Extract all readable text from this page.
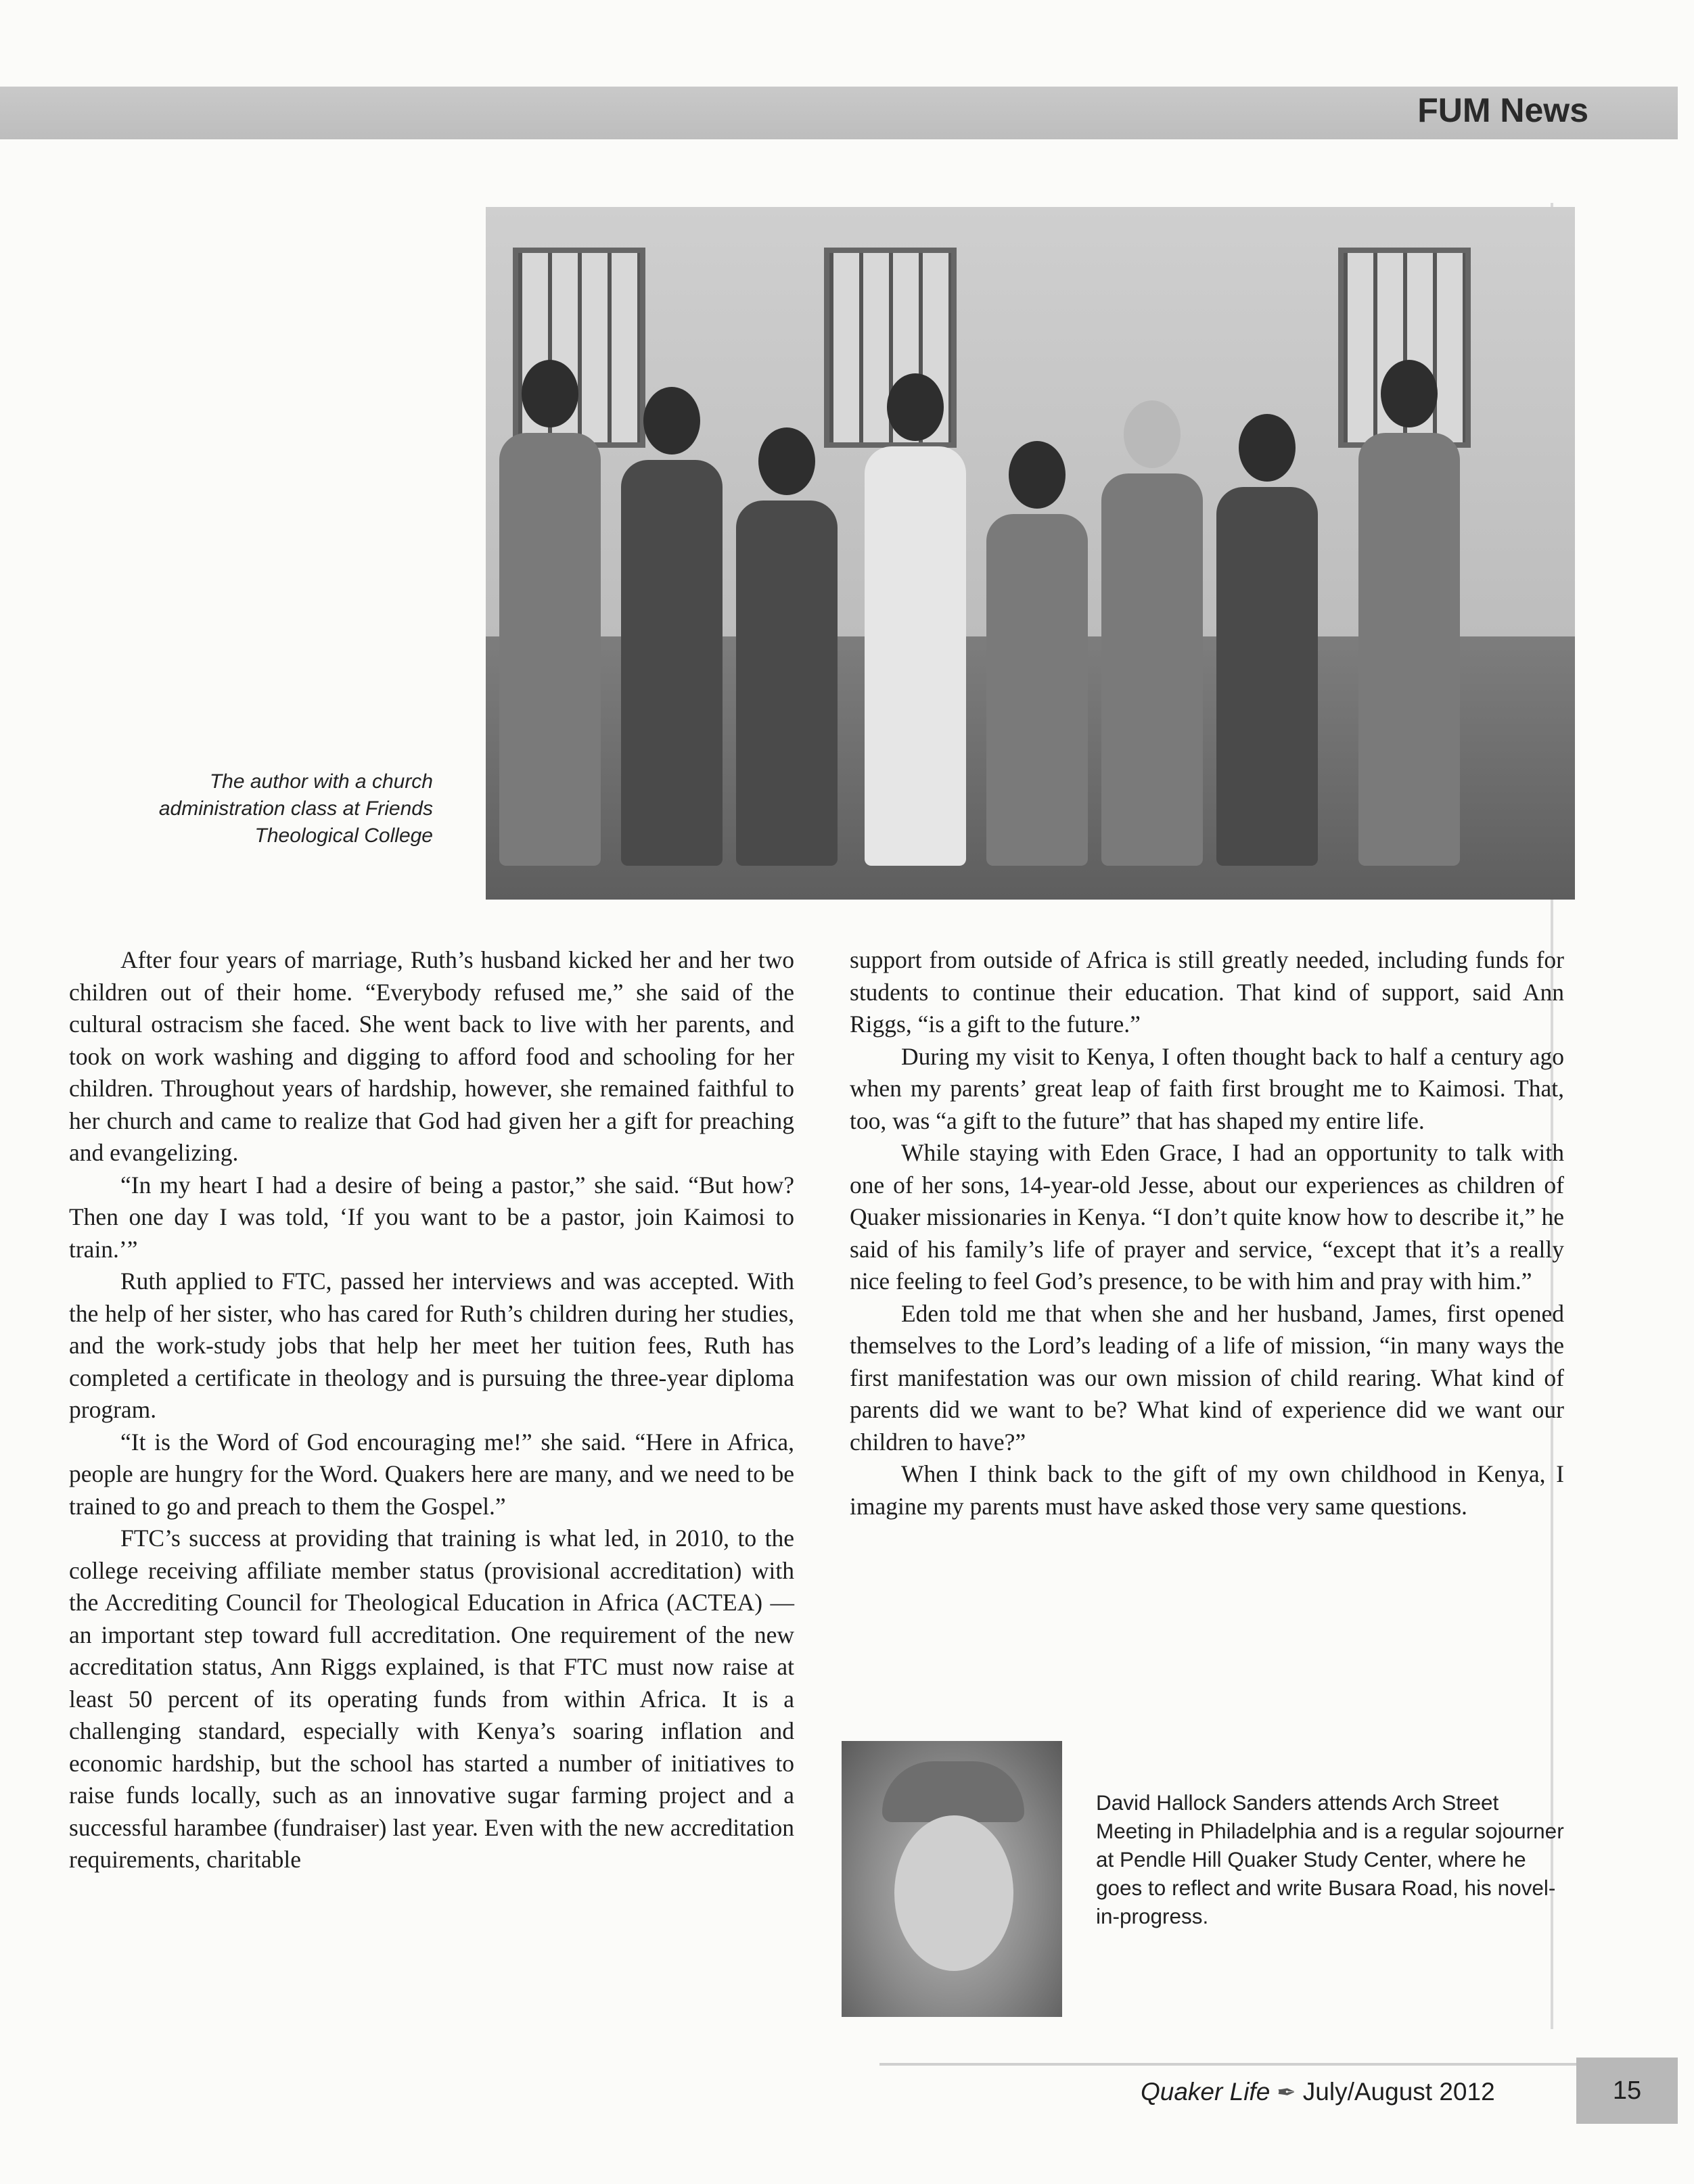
FUM News
The author with a church administration class at Friends Theological College

After four years of marriage, Ruth’s husband kicked her and her two children out of their home. “Everybody refused me,” she said of the cultural ostracism she faced. She went back to live with her parents, and took on work washing and digging to afford food and schooling for her children. Throughout years of hardship, however, she remained faithful to her church and came to realize that God had given her a gift for preaching and evangelizing.

“In my heart I had a desire of being a pastor,” she said. “But how? Then one day I was told, ‘If you want to be a pastor, join Kaimosi to train.’”

Ruth applied to FTC, passed her interviews and was accepted. With the help of her sister, who has cared for Ruth’s children during her studies, and the work-study jobs that help her meet her tuition fees, Ruth has completed a certificate in theology and is pursuing the three-year diploma program.

“It is the Word of God encouraging me!” she said. “Here in Africa, people are hungry for the Word. Quakers here are many, and we need to be trained to go and preach to them the Gospel.”

FTC’s success at providing that training is what led, in 2010, to the college receiving affiliate member status (provisional accreditation) with the Accrediting Council for Theological Education in Africa (ACTEA) — an important step toward full accreditation. One requirement of the new accreditation status, Ann Riggs explained, is that FTC must now raise at least 50 percent of its operating funds from within Africa. It is a challenging standard, especially with Kenya’s soaring inflation and economic hardship, but the school has started a number of initiatives to raise funds locally, such as an innovative sugar farming project and a successful harambee (fundraiser) last year. Even with the new accreditation requirements, charitable

support from outside of Africa is still greatly needed, including funds for students to continue their education. That kind of support, said Ann Riggs, “is a gift to the future.”

During my visit to Kenya, I often thought back to half a century ago when my parents’ great leap of faith first brought me to Kaimosi. That, too, was “a gift to the future” that has shaped my entire life.

While staying with Eden Grace, I had an opportunity to talk with one of her sons, 14-year-old Jesse, about our experiences as children of Quaker missionaries in Kenya. “I don’t quite know how to describe it,” he said of his family’s life of prayer and service, “except that it’s a really nice feeling to feel God’s presence, to be with him and pray with him.”

Eden told me that when she and her husband, James, first opened themselves to the Lord’s leading of a life of mission, “in many ways the first manifestation was our own mission of child rearing. What kind of parents did we want to be? What kind of experience did we want our children to have?”

When I think back to the gift of my own childhood in Kenya, I imagine my parents must have asked those very same questions.

David Hallock Sanders attends Arch Street Meeting in Philadelphia and is a regular sojourner at Pendle Hill Quaker Study Center, where he goes to reflect and write Busara Road, his novel-in-progress.
Quaker Life ✒ July/August 2012	15
